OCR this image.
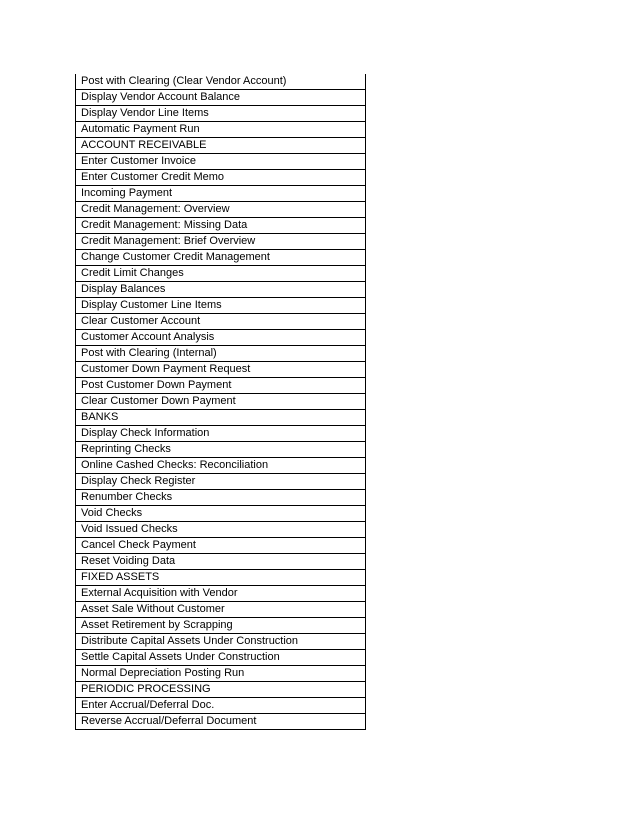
Post with Clearing (Clear Vendor Account)
Display Vendor Account Balance
Display Vendor Line Items
Automatic Payment Run
ACCOUNT RECEIVABLE
Enter Customer Invoice
Enter Customer Credit Memo
Incoming Payment
Credit Management: Overview
Credit Management: Missing Data
Credit Management: Brief Overview
Change Customer Credit Management
Credit Limit Changes
Display Balances
Display Customer Line Items
Clear Customer Account
Customer Account Analysis
Post with Clearing (Internal)
Customer Down Payment Request
Post Customer Down Payment
Clear Customer Down Payment
BANKS
Display Check Information
Reprinting Checks
Online Cashed Checks: Reconciliation
Display Check Register
Renumber Checks
Void Checks
Void Issued Checks
Cancel Check Payment
Reset Voiding Data
FIXED ASSETS
External Acquisition with Vendor
Asset Sale Without Customer
Asset Retirement by Scrapping
Distribute Capital Assets Under Construction
Settle Capital Assets Under Construction
Normal Depreciation Posting Run
PERIODIC PROCESSING
Enter Accrual/Deferral Doc.
Reverse Accrual/Deferral Document
